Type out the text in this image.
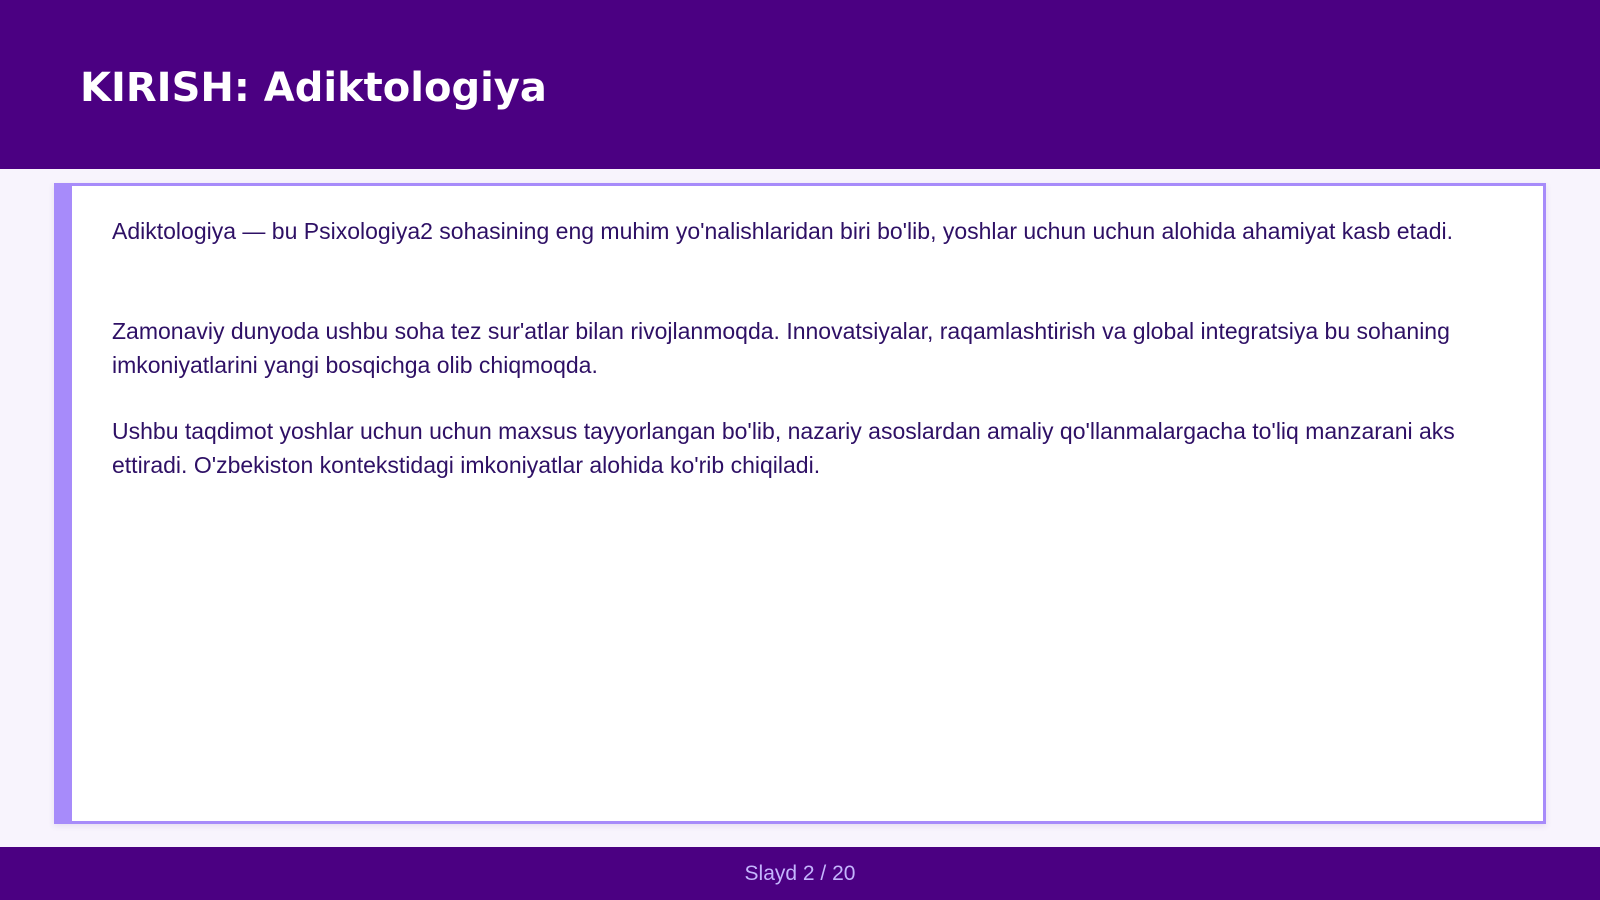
KIRISH: Adiktologiya

Adiktologiya — bu Psixologiya2 sohasining eng muhim yo'nalishlaridan biri bo'lib, yoshlar uchun uchun alohida ahamiyat kasb etadi.

Zamonaviy dunyoda ushbu soha tez sur'atlar bilan rivojlanmoqda. Innovatsiyalar, raqamlashtirish va global integratsiya bu sohaning imkoniyatlarini yangi bosqichga olib chiqmoqda.

Ushbu taqdimot yoshlar uchun uchun maxsus tayyorlangan bo'lib, nazariy asoslardan amaliy qo'llanmalargacha to'liq manzarani aks ettiradi. O'zbekiston kontekstidagi imkoniyatlar alohida ko'rib chiqiladi.

Slayd 2 / 20
